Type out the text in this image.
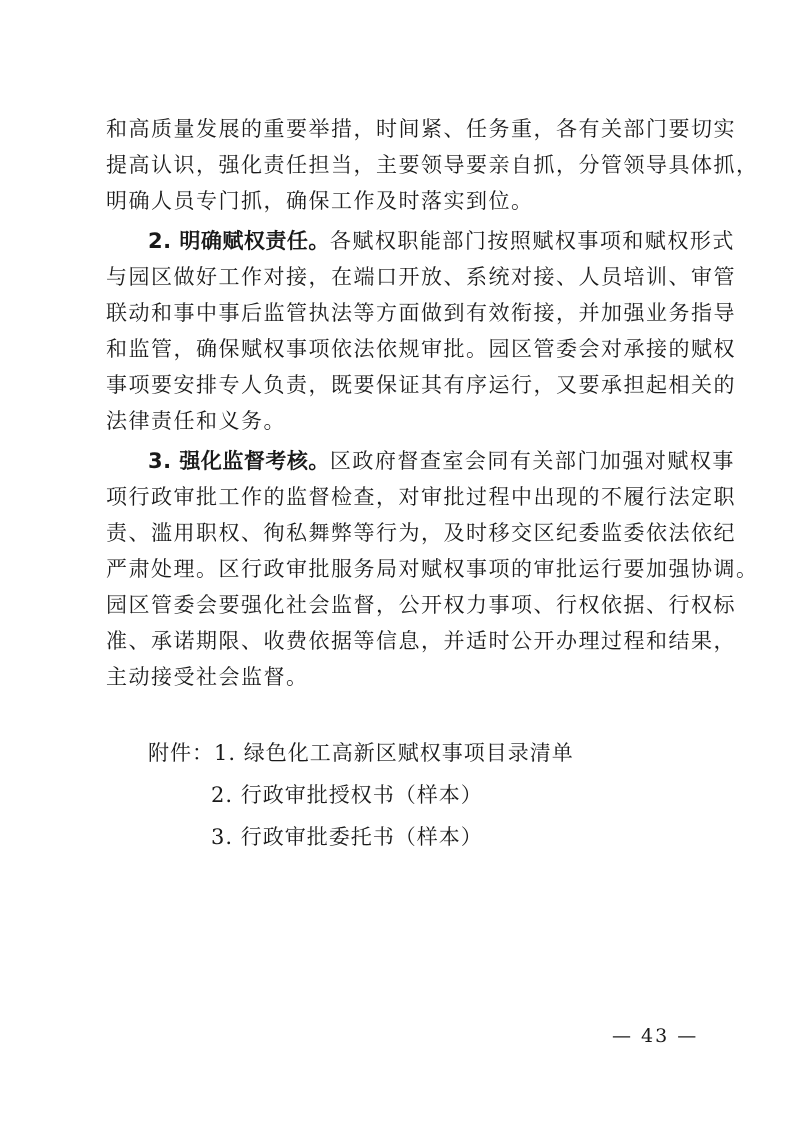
和高质量发展的重要举措，时间紧、任务重，各有关部门要切实
提高认识，强化责任担当，主要领导要亲自抓，分管领导具体抓，
明确人员专门抓，确保工作及时落实到位。
2. 明确赋权责任。各赋权职能部门按照赋权事项和赋权形式
与园区做好工作对接，在端口开放、系统对接、人员培训、审管
联动和事中事后监管执法等方面做到有效衔接，并加强业务指导
和监管，确保赋权事项依法依规审批。园区管委会对承接的赋权
事项要安排专人负责，既要保证其有序运行，又要承担起相关的
法律责任和义务。
3. 强化监督考核。区政府督查室会同有关部门加强对赋权事
项行政审批工作的监督检查，对审批过程中出现的不履行法定职
责、滥用职权、徇私舞弊等行为，及时移交区纪委监委依法依纪
严肃处理。区行政审批服务局对赋权事项的审批运行要加强协调。
园区管委会要强化社会监督，公开权力事项、行权依据、行权标
准、承诺期限、收费依据等信息，并适时公开办理过程和结果，
主动接受社会监督。
附件：1. 绿色化工高新区赋权事项目录清单
2. 行政审批授权书（样本）
3. 行政审批委托书（样本）
— 43 —
